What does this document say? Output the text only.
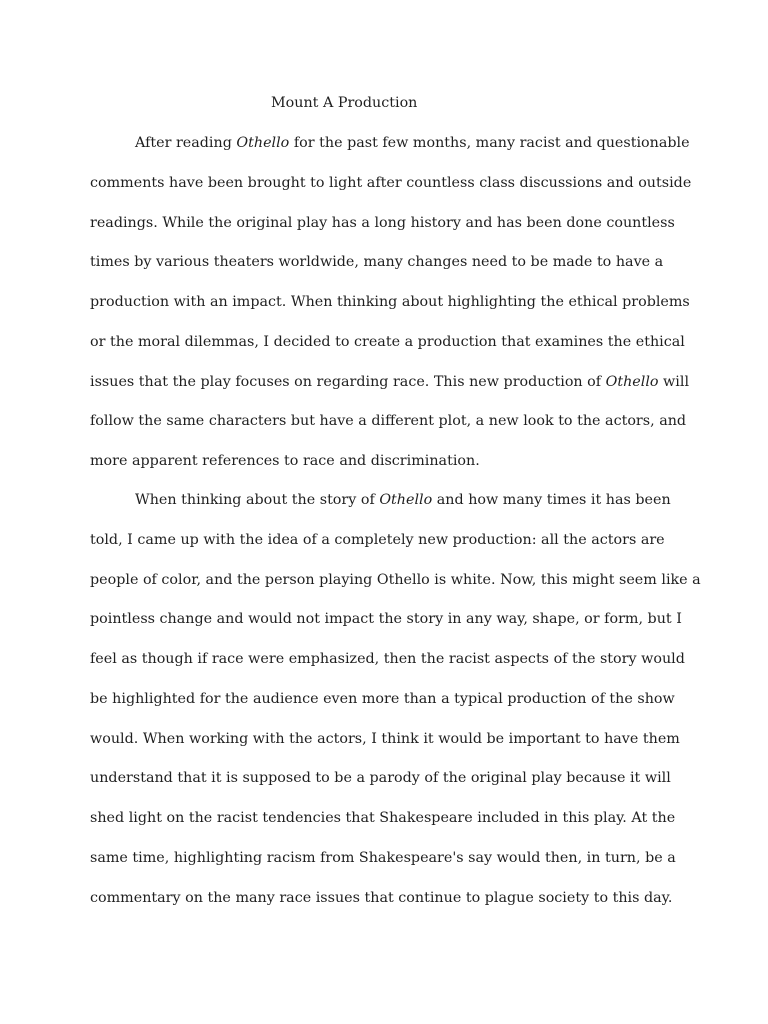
Mount A Production
After reading Othello for the past few months, many racist and questionable
comments have been brought to light after countless class discussions and outside
readings. While the original play has a long history and has been done countless
times by various theaters worldwide, many changes need to be made to have a
production with an impact. When thinking about highlighting the ethical problems
or the moral dilemmas, I decided to create a production that examines the ethical
issues that the play focuses on regarding race. This new production of Othello will
follow the same characters but have a different plot, a new look to the actors, and
more apparent references to race and discrimination.
When thinking about the story of Othello and how many times it has been
told, I came up with the idea of a completely new production: all the actors are
people of color, and the person playing Othello is white. Now, this might seem like a
pointless change and would not impact the story in any way, shape, or form, but I
feel as though if race were emphasized, then the racist aspects of the story would
be highlighted for the audience even more than a typical production of the show
would. When working with the actors, I think it would be important to have them
understand that it is supposed to be a parody of the original play because it will
shed light on the racist tendencies that Shakespeare included in this play. At the
same time, highlighting racism from Shakespeare's say would then, in turn, be a
commentary on the many race issues that continue to plague society to this day.
